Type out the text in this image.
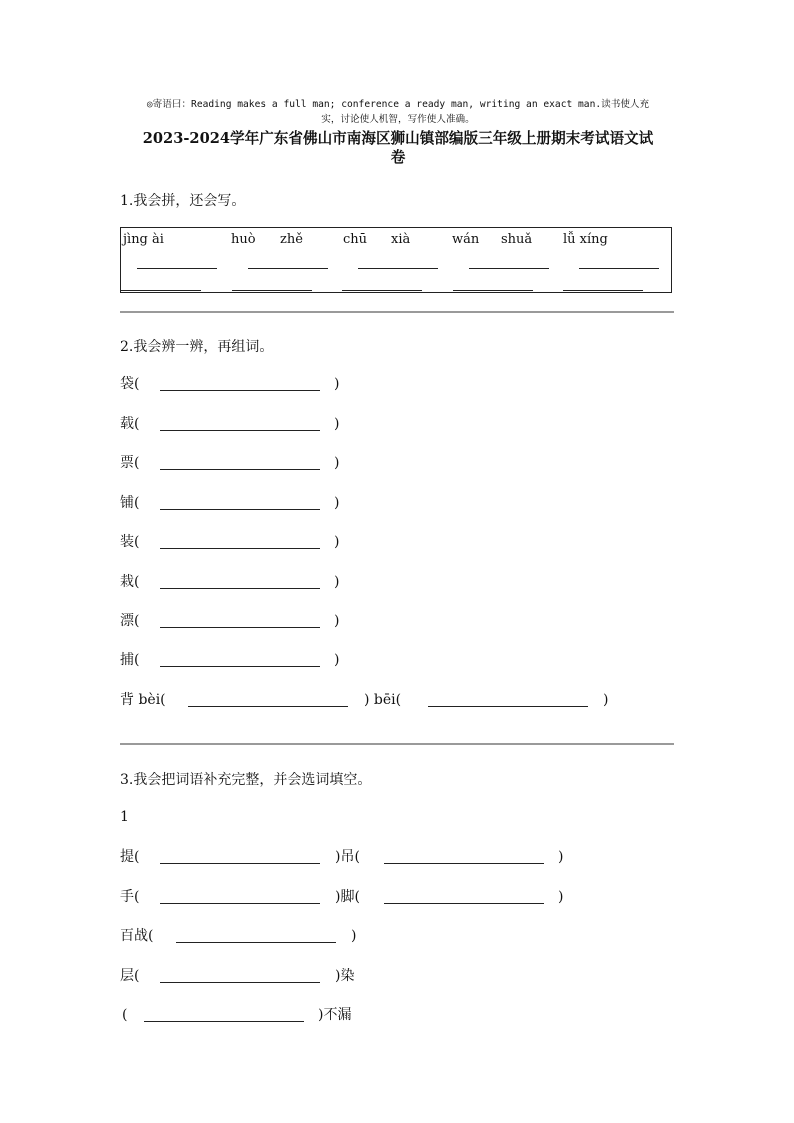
◎寄语曰：Reading makes a full man; conference a ready man, writing an exact man.读书使人充
实，讨论使人机智，写作使人准确。
2023-2024学年广东省佛山市南海区狮山镇部编版三年级上册期末考试语文试
卷
1.我会拼，还会写。
jìng ài	huò zhě	chū xià	wán shuǎ lǚ xíng
2.我会辨一辨，再组词。
袋(	)
载(	)
票(	)
铺(	)
装(	)
栽(	)
漂(	)
捕(	)
背 bèi(	) bēi(	)
3.我会把词语补充完整，并会选词填空。
1
提(	)吊(	)
手(	)脚(	)
百战(	)
层(	)染
(	)不漏
